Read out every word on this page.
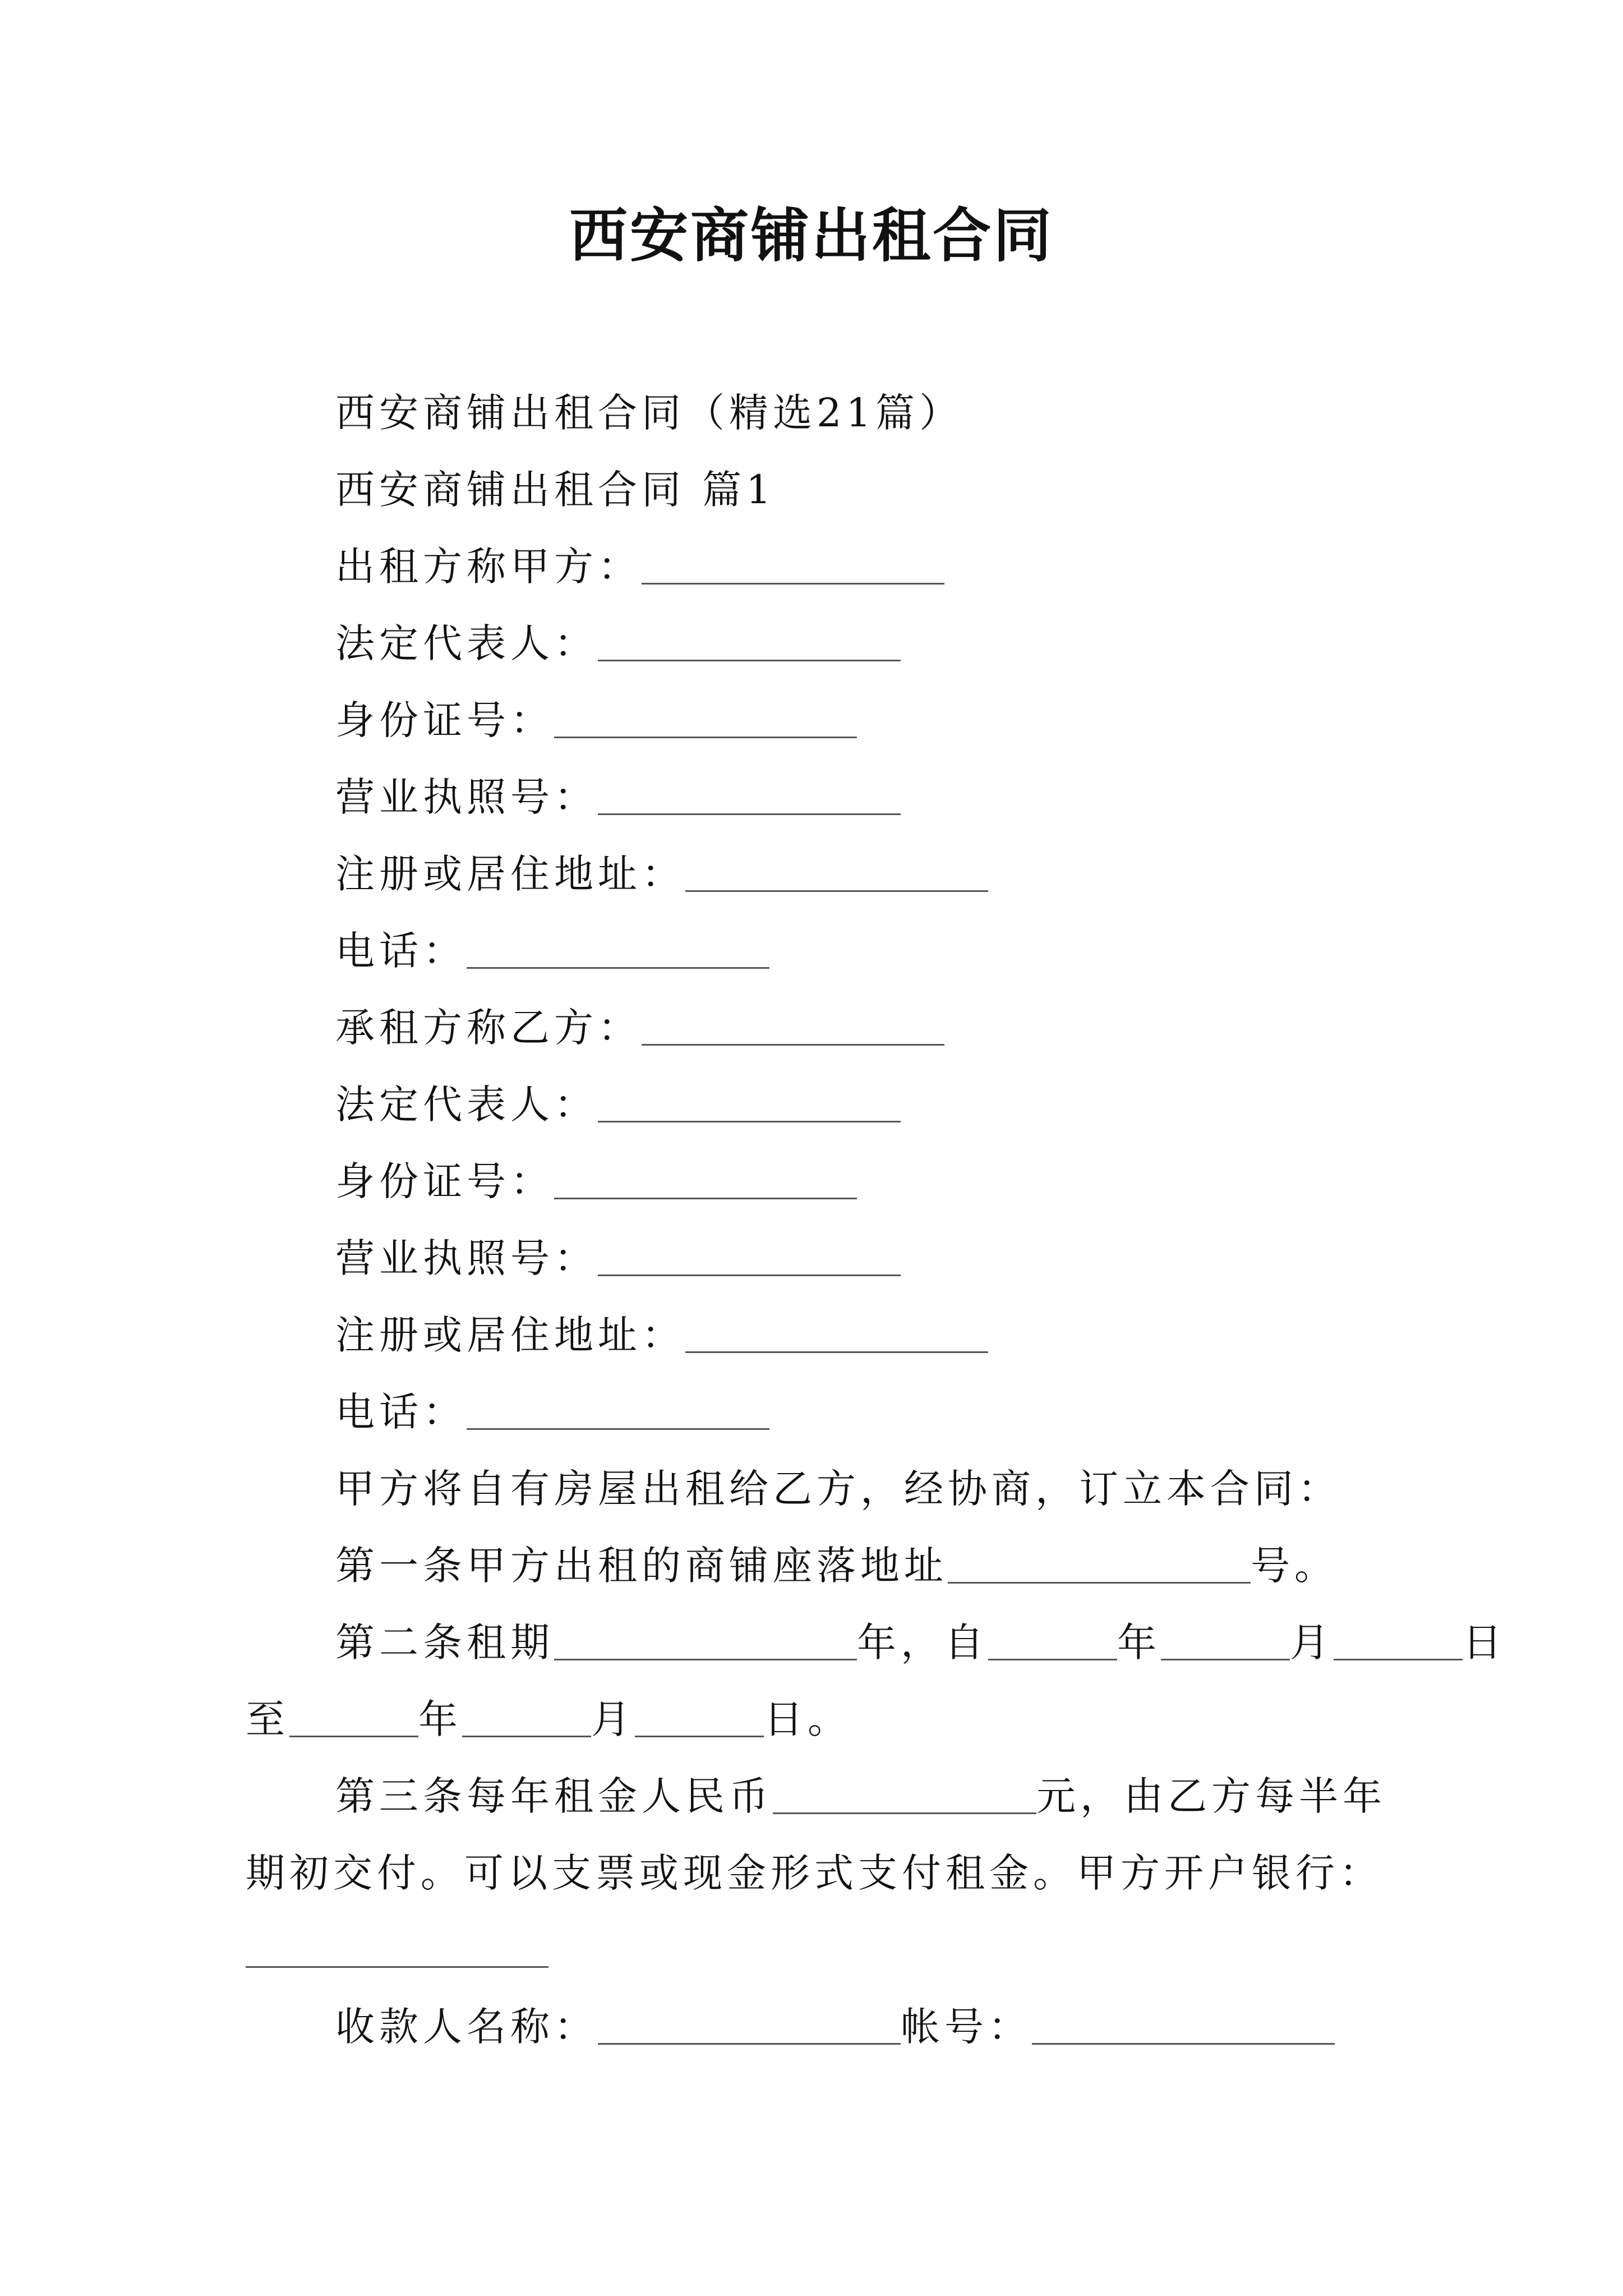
西安商铺出租合同
西安商铺出租合同（精选21篇）
西安商铺出租合同 篇1
出租方称甲方：
法定代表人：
身份证号：
营业执照号：
注册或居住地址：
电话：
承租方称乙方：
法定代表人：
身份证号：
营业执照号：
注册或居住地址：
电话：
甲方将自有房屋出租给乙方，经协商，订立本合同：
第一条甲方出租的商铺座落地址	号。
第二条租期	年，自	年	月	日
至	年	月	日。
第三条每年租金人民币	元，由乙方每半年
期初交付。可以支票或现金形式支付租金。甲方开户银行：
收款人名称：	帐号：
